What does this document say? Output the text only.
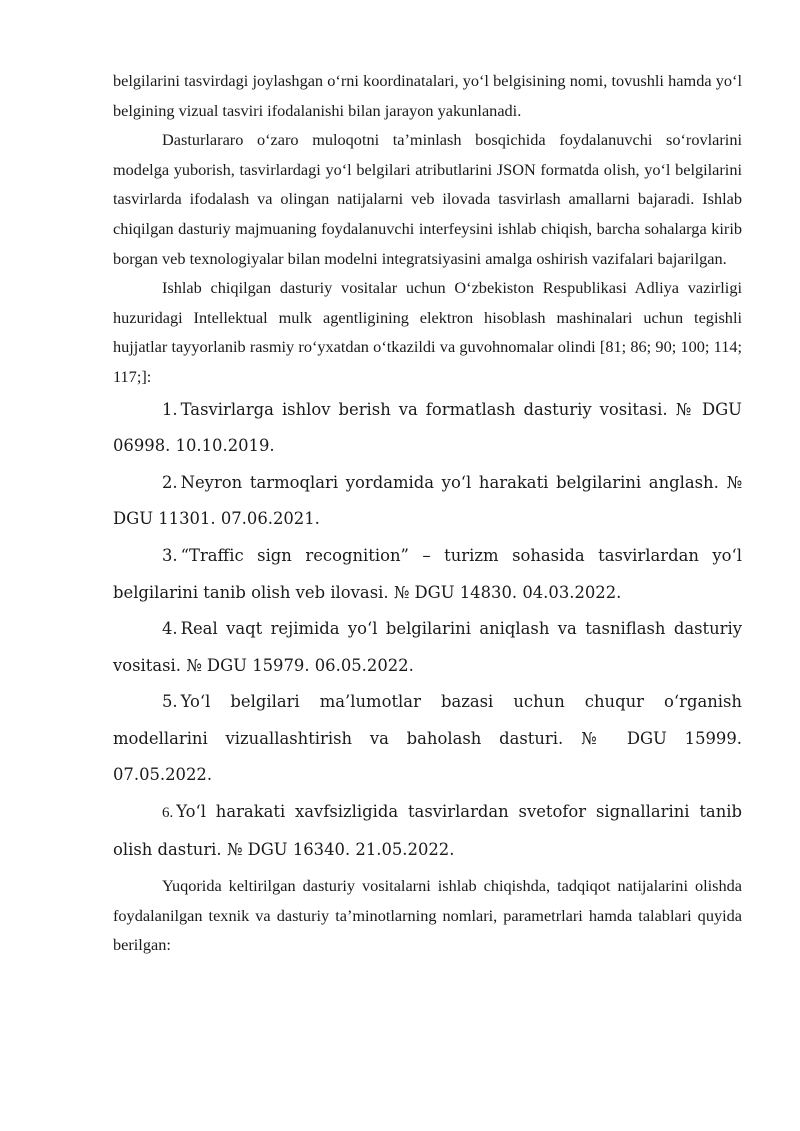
belgilarini tasvirdagi joylashgan o‘rni koordinatalari, yo‘l belgisining nomi, tovushli hamda yo‘l belgining vizual tasviri ifodalanishi bilan jarayon yakunlanadi.

Dasturlararo o‘zaro muloqotni ta’minlash bosqichida foydalanuvchi so‘rovlarini modelga yuborish, tasvirlardagi yo‘l belgilari atributlarini JSON formatda olish, yo‘l belgilarini tasvirlarda ifodalash va olingan natijalarni veb ilovada tasvirlash amallarni bajaradi. Ishlab chiqilgan dasturiy majmuaning foydalanuvchi interfeysini ishlab chiqish, barcha sohalarga kirib borgan veb texnologiyalar bilan modelni integratsiyasini amalga oshirish vazifalari bajarilgan.

Ishlab chiqilgan dasturiy vositalar uchun O‘zbekiston Respublikasi Adliya vazirligi huzuridagi Intellektual mulk agentligining elektron hisoblash mashinalari uchun tegishli hujjatlar tayyorlanib rasmiy ro‘yxatdan o‘tkazildi va guvohnomalar olindi [81; 86; 90; 100; 114; 117;]:

1. Tasvirlarga ishlov berish va formatlash dasturiy vositasi. № DGU 06998. 10.10.2019.

2. Neyron tarmoqlari yordamida yo‘l harakati belgilarini anglash. № DGU 11301. 07.06.2021.

3. “Traffic sign recognition” – turizm sohasida tasvirlardan yo‘l belgilarini tanib olish veb ilovasi. № DGU 14830. 04.03.2022.

4. Real vaqt rejimida yo‘l belgilarini aniqlash va tasniflash dasturiy vositasi. № DGU 15979. 06.05.2022.

5. Yo‘l belgilari ma’lumotlar bazasi uchun chuqur o‘rganish modellarini vizuallashtirish va baholash dasturi. № DGU 15999. 07.05.2022.

6. Yo‘l harakati xavfsizligida tasvirlardan svetofor signallarini tanib olish dasturi. № DGU 16340. 21.05.2022.

Yuqorida keltirilgan dasturiy vositalarni ishlab chiqishda, tadqiqot natijalarini olishda foydalanilgan texnik va dasturiy ta’minotlarning nomlari, parametrlari hamda talablari quyida berilgan:
